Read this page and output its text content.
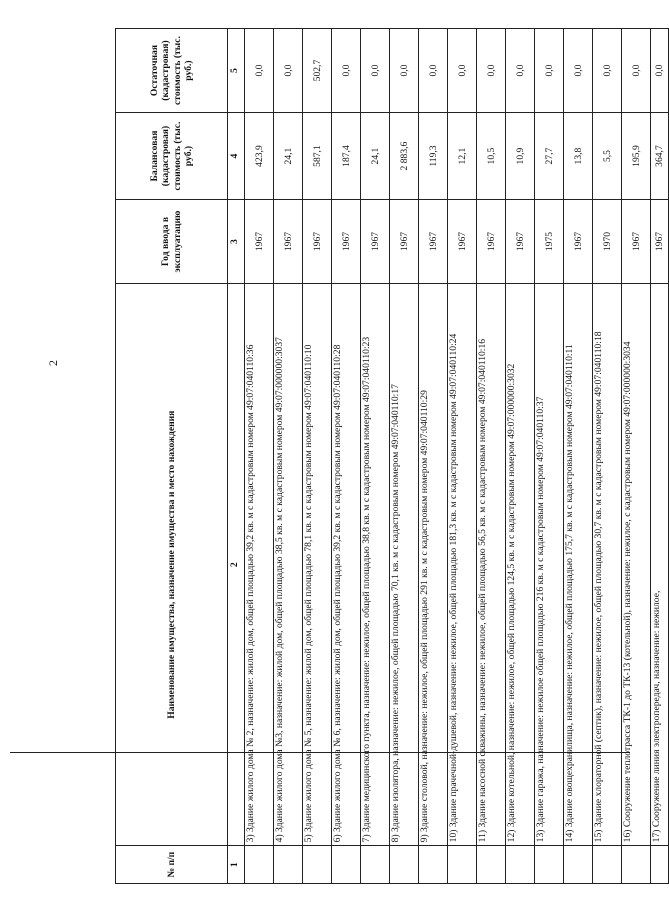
2
№ п/п	Наименование имущества, назначение имущества и место нахождения	Год ввода в эксплуатацию	Балансовая (кадастровая) стоимость (тыс. руб.)	Остаточная (кадастровая) стоимость (тыс. руб.)
1	2	3	4	5
	3) Здание жилого дома № 2, назначение: жилой дом, общей площадью 39,2 кв. м с кадастровым номером 49:07:040110:36	1967	423,9	0,0
	4) Здание жилого дома №3, назначение: жилой дом, общей площадью 38,5 кв. м с кадастровым номером 49:07:000000:3037	1967	24,1	0,0
	5) Здание жилого дома № 5, назначение: жилой дом, общей площадью 78,1 кв. м с кадастровым номером 49:07:040110:10	1967	587,1	502,7
	6) Здание жилого дома № 6, назначение: жилой дом, общей площадью 39,2 кв. м с кадастровым номером 49:07:040110:28	1967	187,4	0,0
	7) Здание медицинского пункта, назначение: нежилое, общей площадью 38,8 кв. м с кадастровым номером 49:07:040110:23	1967	24,1	0,0
	8) Здание изолятора, назначение: нежилое, общей площадью 70,1 кв. м с кадастровым номером 49:07:040110:17	1967	2 883,6	0,0
	9) Здание столовой, назначение: нежилое, общей площадью 291 кв. м с кадастровым номером 49:07:040110:29	1967	119,3	0,0
	10) Здание прачечной-душевой, назначение: нежилое, общей площадью 181,3 кв. м с кадастровым номером 49:07:040110:24	1967	12,1	0,0
	11) Здание насосной скважины, назначение: нежилое, общей площадью 56,5 кв. м с кадастровым номером 49:07:040110:16	1967	10,5	0,0
	12) Здание котельной, назначение: нежилое, общей площадью 124,5 кв. м с кадастровым номером 49:07:000000:3032	1967	10,9	0,0
	13) Здание гаража, назначение: нежилое общей площадью 216 кв. м с кадастровым номером 49:07:040110:37	1975	27,7	0,0
	14) Здание овощехранилища, назначение: нежилое, общей площадью 175,7 кв. м с кадастровым номером 49:07:040110:11	1967	13,8	0,0
	15) Здание хлораторной (септик), назначение: нежилое, общей площадью 30,7 кв. м с кадастровым номером 49:07:040110:18	1970	5,5	0,0
	16) Сооружение теплотрасса ТК-1 до ТК-13 (котельной), назначение: нежилое, с кадастровым номером 49:07:000000:3034	1967	195,9	0,0
	17) Сооружение линия электропередач, назначение: нежилое,	1967	364,7	0,0
